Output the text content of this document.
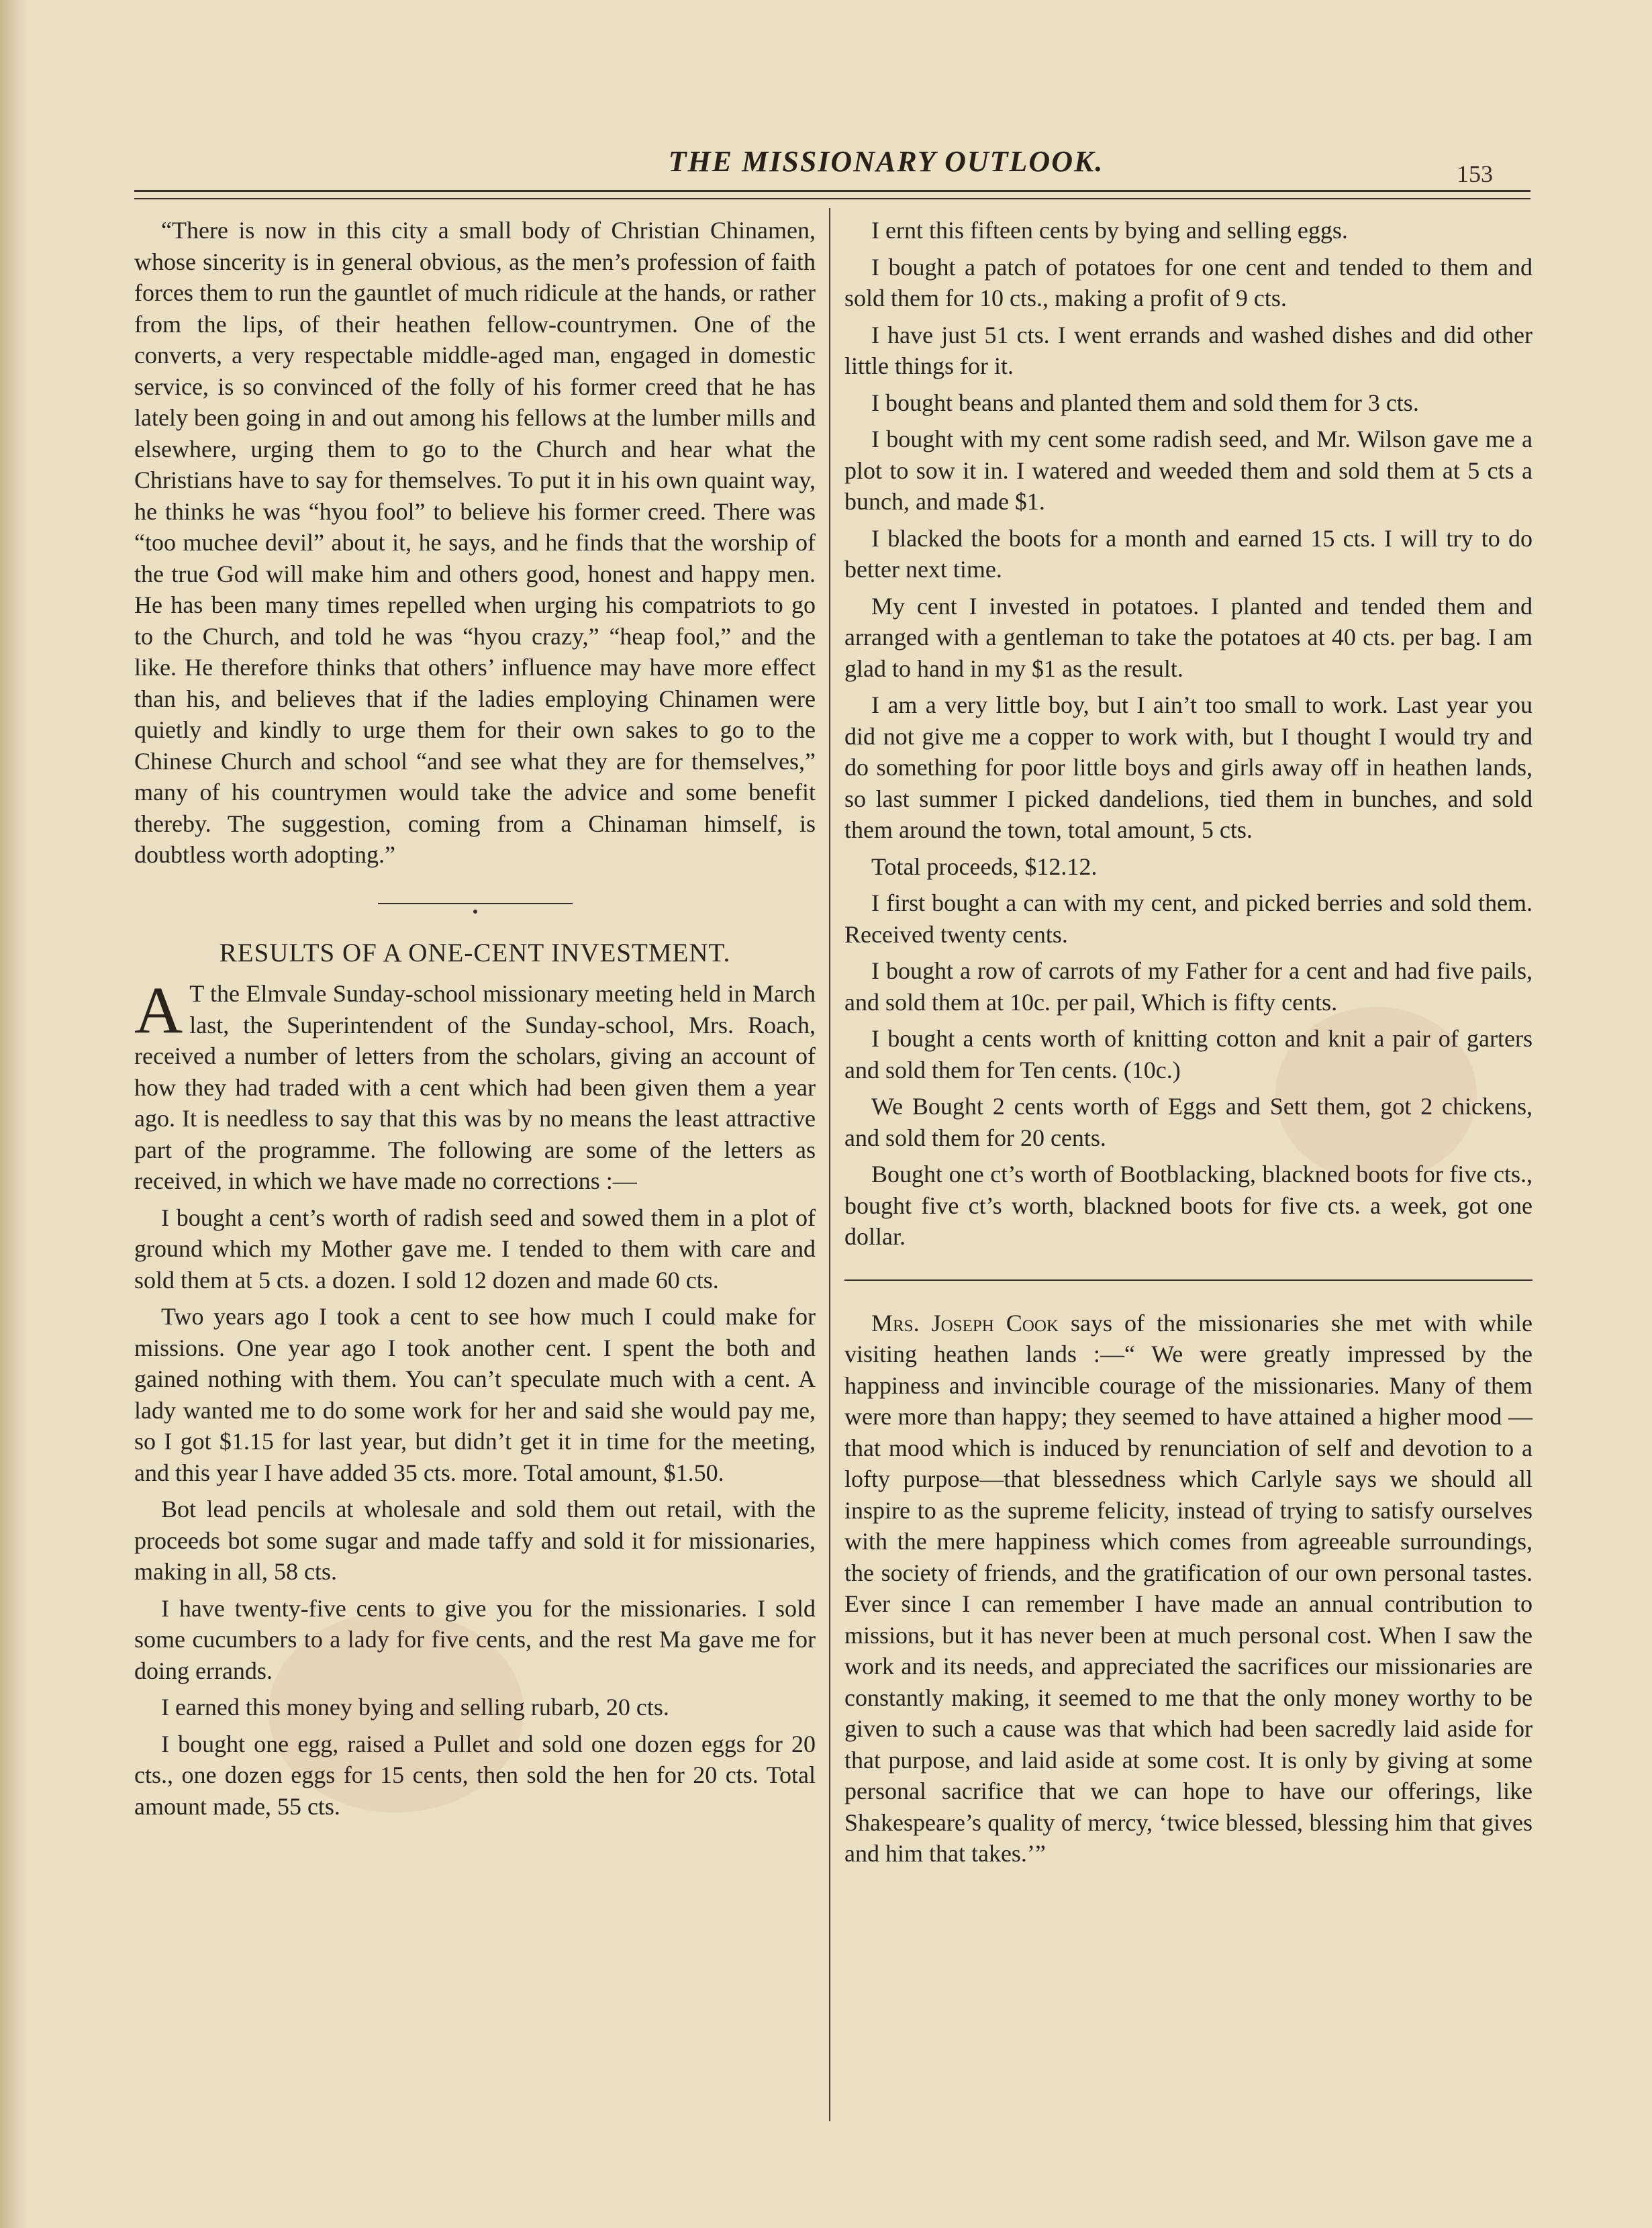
THE MISSIONARY OUTLOOK.	153

“There is now in this city a small body of Christian Chinamen, whose sincerity is in general obvious, as the men’s profession of faith forces them to run the gauntlet of much ridicule at the hands, or rather from the lips, of their heathen fellow-countrymen. One of the converts, a very respectable middle-aged man, engaged in domestic service, is so convinced of the folly of his former creed that he has lately been going in and out among his fellows at the lumber mills and elsewhere, urging them to go to the Church and hear what the Christians have to say for themselves. To put it in his own quaint way, he thinks he was “hyou fool” to believe his former creed. There was “too muchee devil” about it, he says, and he finds that the worship of the true God will make him and others good, honest and happy men. He has been many times repelled when urging his compatriots to go to the Church, and told he was “hyou crazy,” “heap fool,” and the like. He therefore thinks that others’ influence may have more effect than his, and believes that if the ladies employing Chinamen were quietly and kindly to urge them for their own sakes to go to the Chinese Church and school “and see what they are for themselves,” many of his countrymen would take the advice and some benefit thereby. The suggestion, coming from a Chinaman himself, is doubtless worth adopting.”

RESULTS OF A ONE-CENT INVESTMENT.

A T the Elmvale Sunday-school missionary meeting held in March last, the Superintendent of the Sunday-school, Mrs. Roach, received a number of letters from the scholars, giving an account of how they had traded with a cent which had been given them a year ago. It is needless to say that this was by no means the least attractive part of the programme. The following are some of the letters as received, in which we have made no corrections :—

I bought a cent’s worth of radish seed and sowed them in a plot of ground which my Mother gave me. I tended to them with care and sold them at 5 cts. a dozen. I sold 12 dozen and made 60 cts.

Two years ago I took a cent to see how much I could make for missions. One year ago I took another cent. I spent the both and gained nothing with them. You can’t speculate much with a cent. A lady wanted me to do some work for her and said she would pay me, so I got $1.15 for last year, but didn’t get it in time for the meeting, and this year I have added 35 cts. more. Total amount, $1.50.

Bot lead pencils at wholesale and sold them out retail, with the proceeds bot some sugar and made taffy and sold it for missionaries, making in all, 58 cts.

I have twenty-five cents to give you for the missionaries. I sold some cucumbers to a lady for five cents, and the rest Ma gave me for doing errands.

I earned this money bying and selling rubarb, 20 cts.

I bought one egg, raised a Pullet and sold one dozen eggs for 20 cts., one dozen eggs for 15 cents, then sold the hen for 20 cts. Total amount made, 55 cts.

I ernt this fifteen cents by bying and selling eggs.

I bought a patch of potatoes for one cent and tended to them and sold them for 10 cts., making a profit of 9 cts.

I have just 51 cts. I went errands and washed dishes and did other little things for it.

I bought beans and planted them and sold them for 3 cts.

I bought with my cent some radish seed, and Mr. Wilson gave me a plot to sow it in. I watered and weeded them and sold them at 5 cts a bunch, and made $1.

I blacked the boots for a month and earned 15 cts. I will try to do better next time.

My cent I invested in potatoes. I planted and tended them and arranged with a gentleman to take the potatoes at 40 cts. per bag. I am glad to hand in my $1 as the result.

I am a very little boy, but I ain’t too small to work. Last year you did not give me a copper to work with, but I thought I would try and do something for poor little boys and girls away off in heathen lands, so last summer I picked dandelions, tied them in bunches, and sold them around the town, total amount, 5 cts.

Total proceeds, $12.12.

I first bought a can with my cent, and picked berries and sold them. Received twenty cents.

I bought a row of carrots of my Father for a cent and had five pails, and sold them at 10c. per pail, Which is fifty cents.

I bought a cents worth of knitting cotton and knit a pair of garters and sold them for Ten cents. (10c.)

We Bought 2 cents worth of Eggs and Sett them, got 2 chickens, and sold them for 20 cents.

Bought one ct’s worth of Bootblacking, blackned boots for five cts., bought five ct’s worth, blackned boots for five cts. a week, got one dollar.

Mrs. Joseph Cook says of the missionaries she met with while visiting heathen lands :—“ We were greatly impressed by the happiness and invincible courage of the missionaries. Many of them were more than happy; they seemed to have attained a higher mood —that mood which is induced by renunciation of self and devotion to a lofty purpose—that blessedness which Carlyle says we should all inspire to as the supreme felicity, instead of trying to satisfy ourselves with the mere happiness which comes from agreeable surroundings, the society of friends, and the gratification of our own personal tastes. Ever since I can remember I have made an annual contribution to missions, but it has never been at much personal cost. When I saw the work and its needs, and appreciated the sacrifices our missionaries are constantly making, it seemed to me that the only money worthy to be given to such a cause was that which had been sacredly laid aside for that purpose, and laid aside at some cost. It is only by giving at some personal sacrifice that we can hope to have our offerings, like Shakespeare’s quality of mercy, ‘twice blessed, blessing him that gives and him that takes.’”
